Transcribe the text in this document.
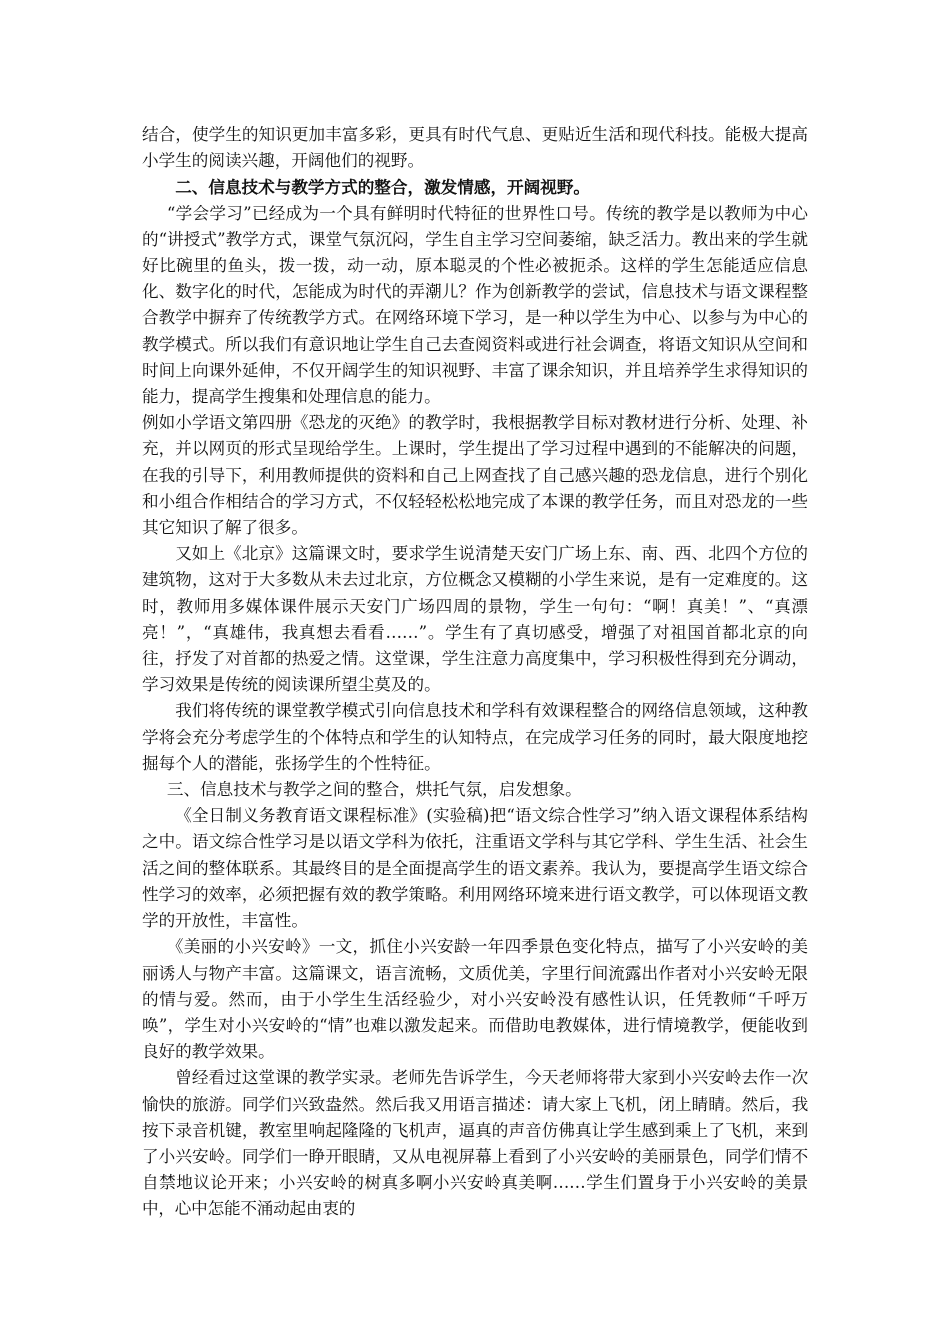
结合，使学生的知识更加丰富多彩，更具有时代气息、更贴近生活和现代科技。能极大提高小学生的阅读兴趣，开阔他们的视野。

二、信息技术与教学方式的整合，激发情感，开阔视野。

“学会学习”已经成为一个具有鲜明时代特征的世界性口号。传统的教学是以教师为中心的“讲授式”教学方式，课堂气氛沉闷，学生自主学习空间萎缩，缺乏活力。教出来的学生就好比碗里的鱼头，拨一拨，动一动，原本聪灵的个性必被扼杀。这样的学生怎能适应信息化、数字化的时代，怎能成为时代的弄潮儿？作为创新教学的尝试，信息技术与语文课程整合教学中摒弃了传统教学方式。在网络环境下学习，是一种以学生为中心、以参与为中心的教学模式。所以我们有意识地让学生自己去查阅资料或进行社会调查，将语文知识从空间和时间上向课外延伸，不仅开阔学生的知识视野、丰富了课余知识，并且培养学生求得知识的能力，提高学生搜集和处理信息的能力。

例如小学语文第四册《恐龙的灭绝》的教学时，我根据教学目标对教材进行分析、处理、补充，并以网页的形式呈现给学生。上课时，学生提出了学习过程中遇到的不能解决的问题，在我的引导下，利用教师提供的资料和自己上网查找了自己感兴趣的恐龙信息，进行个别化和小组合作相结合的学习方式，不仅轻轻松松地完成了本课的教学任务，而且对恐龙的一些其它知识了解了很多。

又如上《北京》这篇课文时，要求学生说清楚天安门广场上东、南、西、北四个方位的建筑物，这对于大多数从未去过北京，方位概念又模糊的小学生来说，是有一定难度的。这时，教师用多媒体课件展示天安门广场四周的景物，学生一句句：“啊！真美！”、“真漂亮！”，“真雄伟，我真想去看看……”。学生有了真切感受，增强了对祖国首都北京的向往，抒发了对首都的热爱之情。这堂课，学生注意力高度集中，学习积极性得到充分调动，学习效果是传统的阅读课所望尘莫及的。

我们将传统的课堂教学模式引向信息技术和学科有效课程整合的网络信息领域，这种教学将会充分考虑学生的个体特点和学生的认知特点，在完成学习任务的同时，最大限度地挖掘每个人的潜能，张扬学生的个性特征。

三、信息技术与教学之间的整合，烘托气氛，启发想象。

《全日制义务教育语文课程标准》(实验稿)把“语文综合性学习”纳入语文课程体系结构之中。语文综合性学习是以语文学科为依托，注重语文学科与其它学科、学生生活、社会生活之间的整体联系。其最终目的是全面提高学生的语文素养。我认为，要提高学生语文综合性学习的效率，必须把握有效的教学策略。利用网络环境来进行语文教学，可以体现语文教学的开放性，丰富性。

《美丽的小兴安岭》一文，抓住小兴安龄一年四季景色变化特点，描写了小兴安岭的美丽诱人与物产丰富。这篇课文，语言流畅，文质优美，字里行间流露出作者对小兴安岭无限的情与爱。然而，由于小学生生活经验少，对小兴安岭没有感性认识，任凭教师“千呼万唤”，学生对小兴安岭的“情”也难以激发起来。而借助电教媒体，进行情境教学，便能收到良好的教学效果。

曾经看过这堂课的教学实录。老师先告诉学生，今天老师将带大家到小兴安岭去作一次愉快的旅游。同学们兴致盎然。然后我又用语言描述：请大家上飞机，闭上睛睛。然后，我按下录音机键，教室里响起隆隆的飞机声，逼真的声音仿佛真让学生感到乘上了飞机，来到了小兴安岭。同学们一睁开眼睛，又从电视屏幕上看到了小兴安岭的美丽景色，同学们情不自禁地议论开来；小兴安岭的树真多啊小兴安岭真美啊……学生们置身于小兴安岭的美景中，心中怎能不涌动起由衷的
